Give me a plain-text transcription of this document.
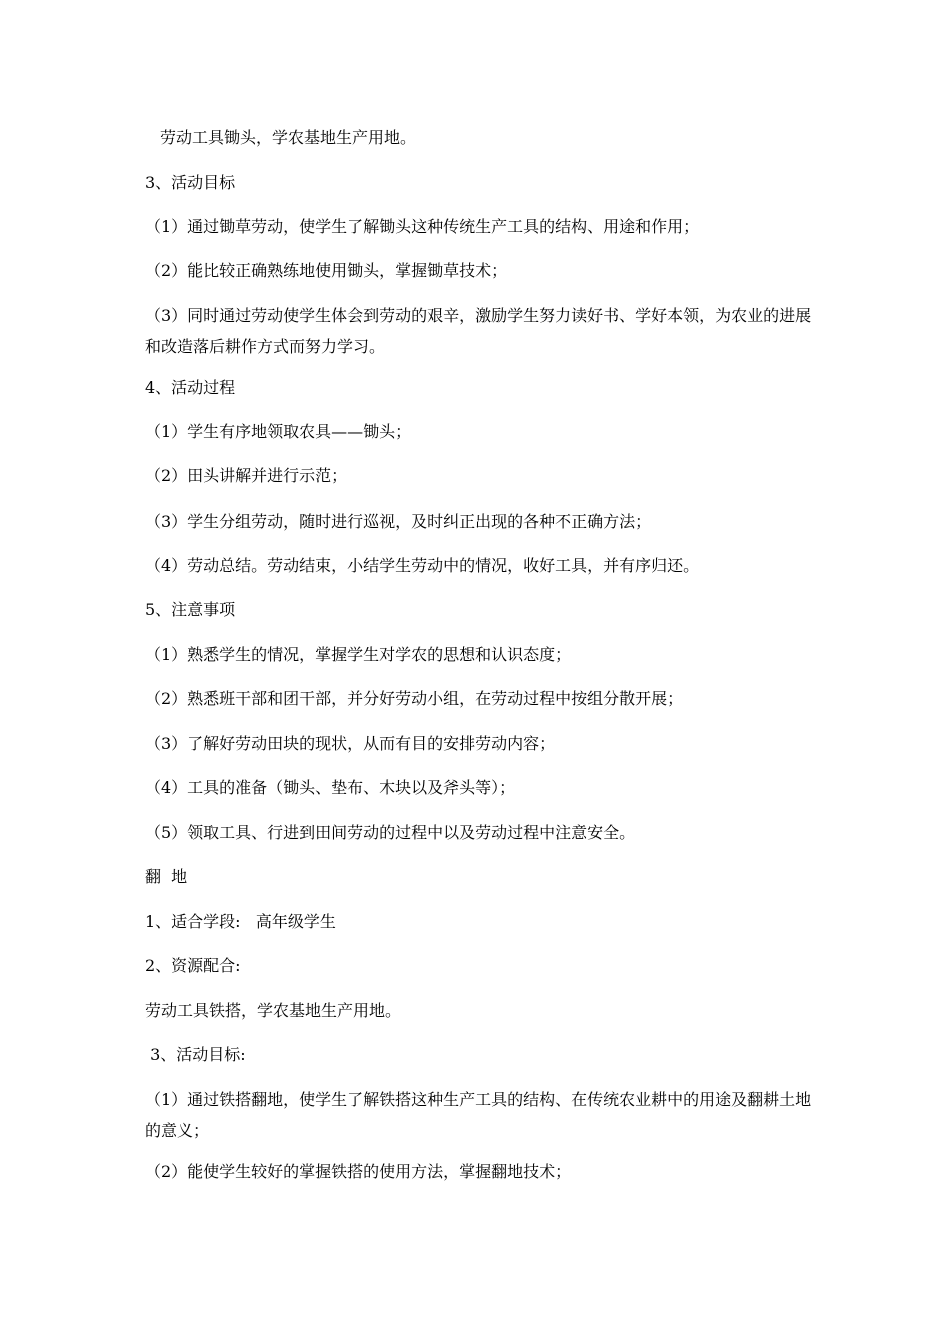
劳动工具锄头，学农基地生产用地。
3、活动目标
（1）通过锄草劳动，使学生了解锄头这种传统生产工具的结构、用途和作用；
（2）能比较正确熟练地使用锄头，掌握锄草技术；
（3）同时通过劳动使学生体会到劳动的艰辛，激励学生努力读好书、学好本领，为农业的进展和改造落后耕作方式而努力学习。
4、活动过程
（1）学生有序地领取农具——锄头；
（2）田头讲解并进行示范；
（3）学生分组劳动，随时进行巡视，及时纠正出现的各种不正确方法；
（4）劳动总结。劳动结束，小结学生劳动中的情况，收好工具，并有序归还。
5、注意事项
（1）熟悉学生的情况，掌握学生对学农的思想和认识态度；
（2）熟悉班干部和团干部，并分好劳动小组，在劳动过程中按组分散开展；
（3）了解好劳动田块的现状，从而有目的安排劳动内容；
（4）工具的准备（锄头、垫布、木块以及斧头等）；
（5）领取工具、行进到田间劳动的过程中以及劳动过程中注意安全。
翻  地
1、适合学段:   高年级学生
2、资源配合:
劳动工具铁搭，学农基地生产用地。
3、活动目标:
（1）通过铁搭翻地，使学生了解铁搭这种生产工具的结构、在传统农业耕中的用途及翻耕土地的意义；
（2）能使学生较好的掌握铁搭的使用方法，掌握翻地技术；
